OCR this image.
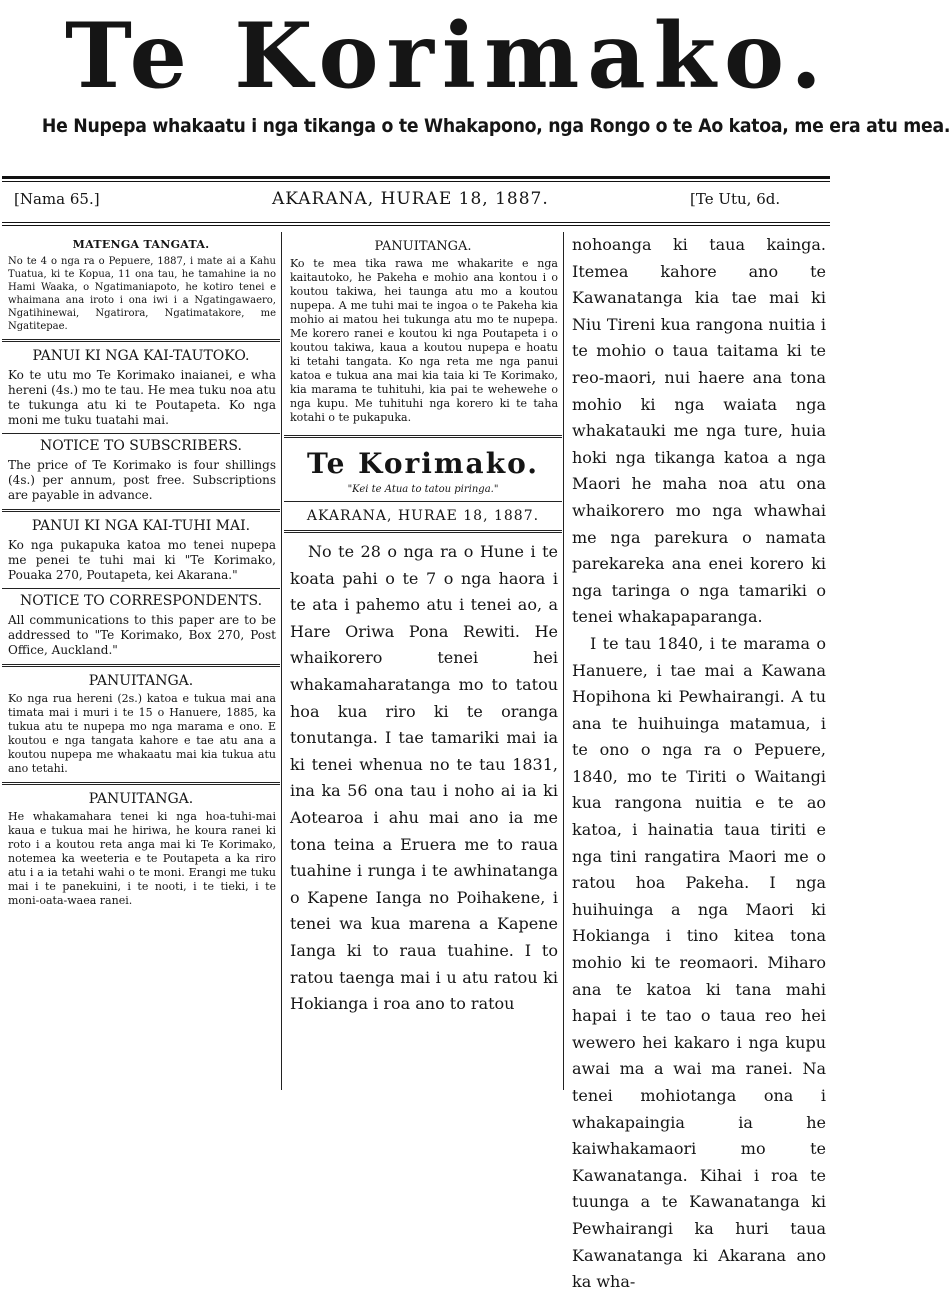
Te Korimako.
He Nupepa whakaatu i nga tikanga o te Whakapono, nga Rongo o te Ao katoa, me era atu mea.
[Nama 65.]	AKARANA, HURAE 18, 1887.	[Te Utu, 6d.
MATENGA TANGATA.
No te 4 o nga ra o Pepuere, 1887, i mate ai a Kahu Tuatua, ki te Kopua, 11 ona tau, he tamahine ia no Hami Waaka, o Ngatimaniapoto, he kotiro tenei e whaimana ana iroto i ona iwi i a Ngatingawaero, Ngatihinewai, Ngatirora, Ngatimatakore, me Ngatitepae.
PANUI KI NGA KAI-TAUTOKO.
Ko te utu mo Te Korimako inaianei, e wha hereni (4s.) mo te tau. He mea tuku noa atu te tukunga atu ki te Poutapeta. Ko nga moni me tuku tuatahi mai.
NOTICE TO SUBSCRIBERS.
The price of Te Korimako is four shillings (4s.) per annum, post free. Subscriptions are payable in advance.
PANUI KI NGA KAI-TUHI MAI.
Ko nga pukapuka katoa mo tenei nupepa me penei te tuhi mai ki "Te Korimako, Pouaka 270, Poutapeta, kei Akarana."
NOTICE TO CORRESPONDENTS.
All communications to this paper are to be addressed to "Te Korimako, Box 270, Post Office, Auckland."
PANUITANGA.
Ko nga rua hereni (2s.) katoa e tukua mai ana timata mai i muri i te 15 o Hanuere, 1885, ka tukua atu te nupepa mo nga marama e ono. E koutou e nga tangata kahore e tae atu ana a koutou nupepa me whakaatu mai kia tukua atu ano tetahi.
PANUITANGA.
He whakamahara tenei ki nga hoa-tuhi-mai kaua e tukua mai he hiriwa, he koura ranei ki roto i a koutou reta anga mai ki Te Korimako, notemea ka weeteria e te Poutapeta a ka riro atu i a ia tetahi wahi o te moni. Erangi me tuku mai i te panekuini, i te nooti, i te tieki, i te moni-oata-waea ranei.
PANUITANGA.
Ko te mea tika rawa me whakarite e nga kaitautoko, he Pakeha e mohio ana kontou i o koutou takiwa, hei taunga atu mo a koutou nupepa. A me tuhi mai te ingoa o te Pakeha kia mohio ai matou hei tukunga atu mo te nupepa. Me korero ranei e koutou ki nga Poutapeta i o koutou takiwa, kaua a koutou nupepa e hoatu ki tetahi tangata. Ko nga reta me nga panui katoa e tukua ana mai kia taia ki Te Korimako, kia marama te tuhituhi, kia pai te wehewehe o nga kupu. Me tuhituhi nga korero ki te taha kotahi o te pukapuka.
Te Korimako.
"Kei te Atua to tatou piringa."
AKARANA, HURAE 18, 1887.
No te 28 o nga ra o Hune i te koata pahi o te 7 o nga haora i te ata i pahemo atu i tenei ao, a Hare Oriwa Pona Rewiti. He whaikorero tenei hei whakamaharatanga mo to tatou hoa kua riro ki te oranga tonutanga. I tae tamariki mai ia ki tenei whenua no te tau 1831, ina ka 56 ona tau i noho ai ia ki Aotearoa i ahu mai ano ia me tona teina a Eruera me to raua tuahine i runga i te awhinatanga o Kapene Ianga no Poihakene, i tenei wa kua marena a Kapene Ianga ki to raua tuahine. I to ratou taenga mai i u atu ratou ki Hokianga i roa ano to ratou
nohoanga ki taua kainga. Itemea kahore ano te Kawanatanga kia tae mai ki Niu Tireni kua rangona nuitia i te mohio o taua taitama ki te reo-maori, nui haere ana tona mohio ki nga waiata nga whakatauki me nga ture, huia hoki nga tikanga katoa a nga Maori he maha noa atu ona whaikorero mo nga whawhai me nga parekura o namata parekareka ana enei korero ki nga taringa o nga tamariki o tenei whakapaparanga.
I te tau 1840, i te marama o Hanuere, i tae mai a Kawana Hopihona ki Pewhairangi. A tu ana te huihuinga matamua, i te ono o nga ra o Pepuere, 1840, mo te Tiriti o Waitangi kua rangona nuitia e te ao katoa, i hainatia taua tiriti e nga tini rangatira Maori me o ratou hoa Pakeha. I nga huihuinga a nga Maori ki Hokianga i tino kitea tona mohio ki te reomaori. Miharo ana te katoa ki tana mahi hapai i te tao o taua reo hei wewero hei kakaro i nga kupu awai ma a wai ma ranei. Na tenei mohiotanga ona i whakapaingia ia he kaiwhakamaori mo te Kawanatanga. Kihai i roa te tuunga a te Kawanatanga ki Pewhairangi ka huri taua Kawanatanga ki Akarana ano ka wha-
